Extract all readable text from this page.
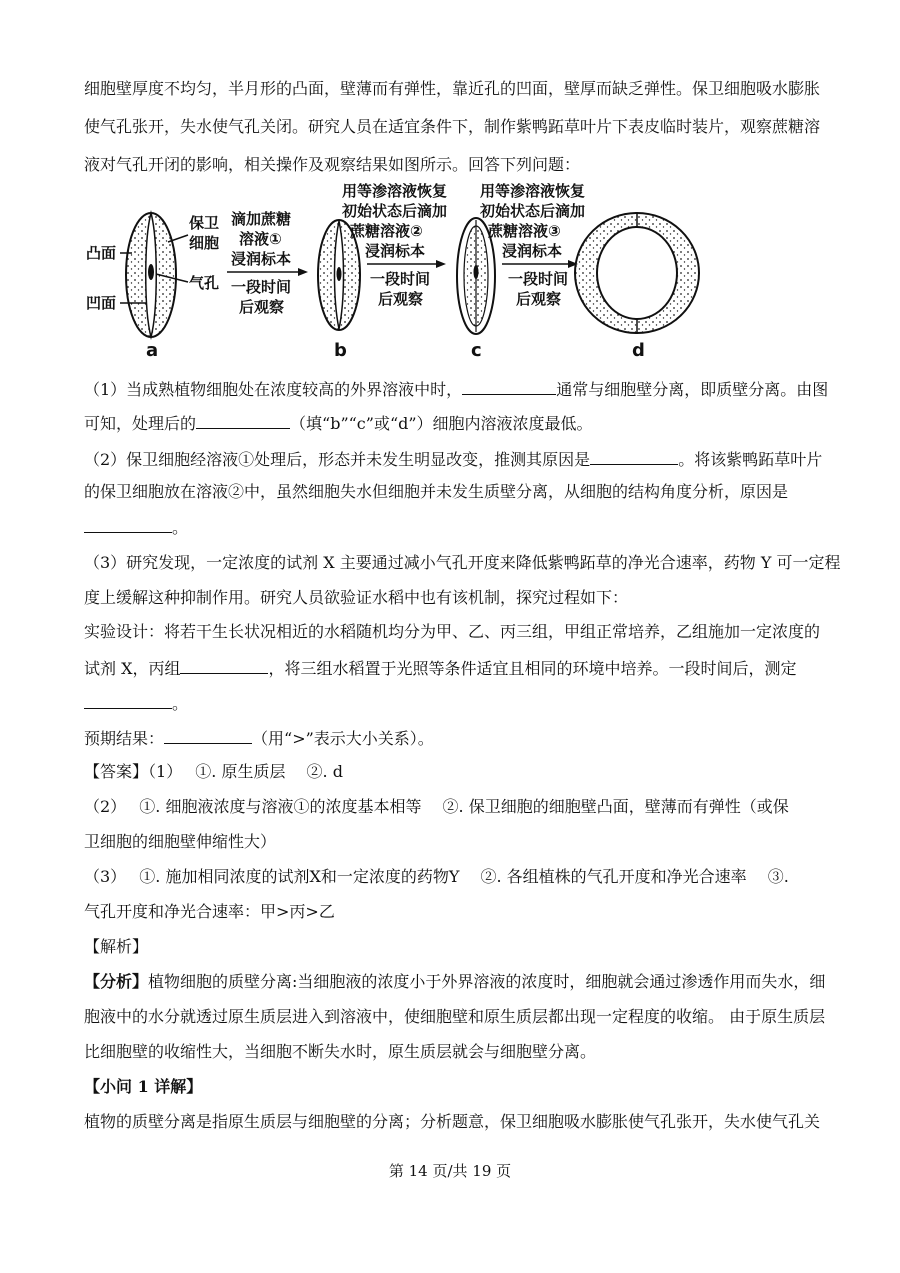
细胞壁厚度不均匀，半月形的凸面，壁薄而有弹性，靠近孔的凹面，壁厚而缺乏弹性。保卫细胞吸水膨胀
使气孔张开，失水使气孔关闭。研究人员在适宜条件下，制作紫鸭跖草叶片下表皮临时装片，观察蔗糖溶
液对气孔开闭的影响，相关操作及观察结果如图所示。回答下列问题：
凸面
凹面
保卫
细胞
气孔
a
滴加蔗糖
溶液①
浸润标本
一段时间
后观察
b
用等渗溶液恢复
初始状态后滴加
蔗糖溶液②
浸润标本
一段时间
后观察
c
用等渗溶液恢复
初始状态后滴加
蔗糖溶液③
浸润标本
一段时间
后观察
d
（1）当成熟植物细胞处在浓度较高的外界溶液中时，	通常与细胞壁分离，即质壁分离。由图
可知，处理后的	（填“b”“c”或“d”）细胞内溶液浓度最低。
（2）保卫细胞经溶液①处理后，形态并未发生明显改变，推测其原因是	。将该紫鸭跖草叶片
的保卫细胞放在溶液②中，虽然细胞失水但细胞并未发生质壁分离，从细胞的结构角度分析，原因是
。
（3）研究发现，一定浓度的试剂 X 主要通过减小气孔开度来降低紫鸭跖草的净光合速率，药物 Y 可一定程
度上缓解这种抑制作用。研究人员欲验证水稻中也有该机制，探究过程如下：
实验设计：将若干生长状况相近的水稻随机均分为甲、乙、丙三组，甲组正常培养，乙组施加一定浓度的
试剂 X，丙组	，将三组水稻置于光照等条件适宜且相同的环境中培养。一段时间后，测定
。
预期结果：	（用“>”表示大小关系）。
【答案】（1）　 ①. 原生质层　 ②. d
（2）　 ①. 细胞液浓度与溶液①的浓度基本相等　 ②. 保卫细胞的细胞壁凸面，壁薄而有弹性（或保
卫细胞的细胞壁伸缩性大）
（3）　 ①. 施加相同浓度的试剂X和一定浓度的药物Y　 ②. 各组植株的气孔开度和净光合速率　 ③.
气孔开度和净光合速率：甲>丙>乙
【解析】
【分析】植物细胞的质壁分离:当细胞液的浓度小于外界溶液的浓度时，细胞就会通过渗透作用而失水，细
胞液中的水分就透过原生质层进入到溶液中，使细胞壁和原生质层都出现一定程度的收缩。 由于原生质层
比细胞壁的收缩性大，当细胞不断失水时，原生质层就会与细胞壁分离。
【小问 1 详解】
植物的质壁分离是指原生质层与细胞壁的分离；分析题意，保卫细胞吸水膨胀使气孔张开，失水使气孔关
第 14 页/共 19 页
